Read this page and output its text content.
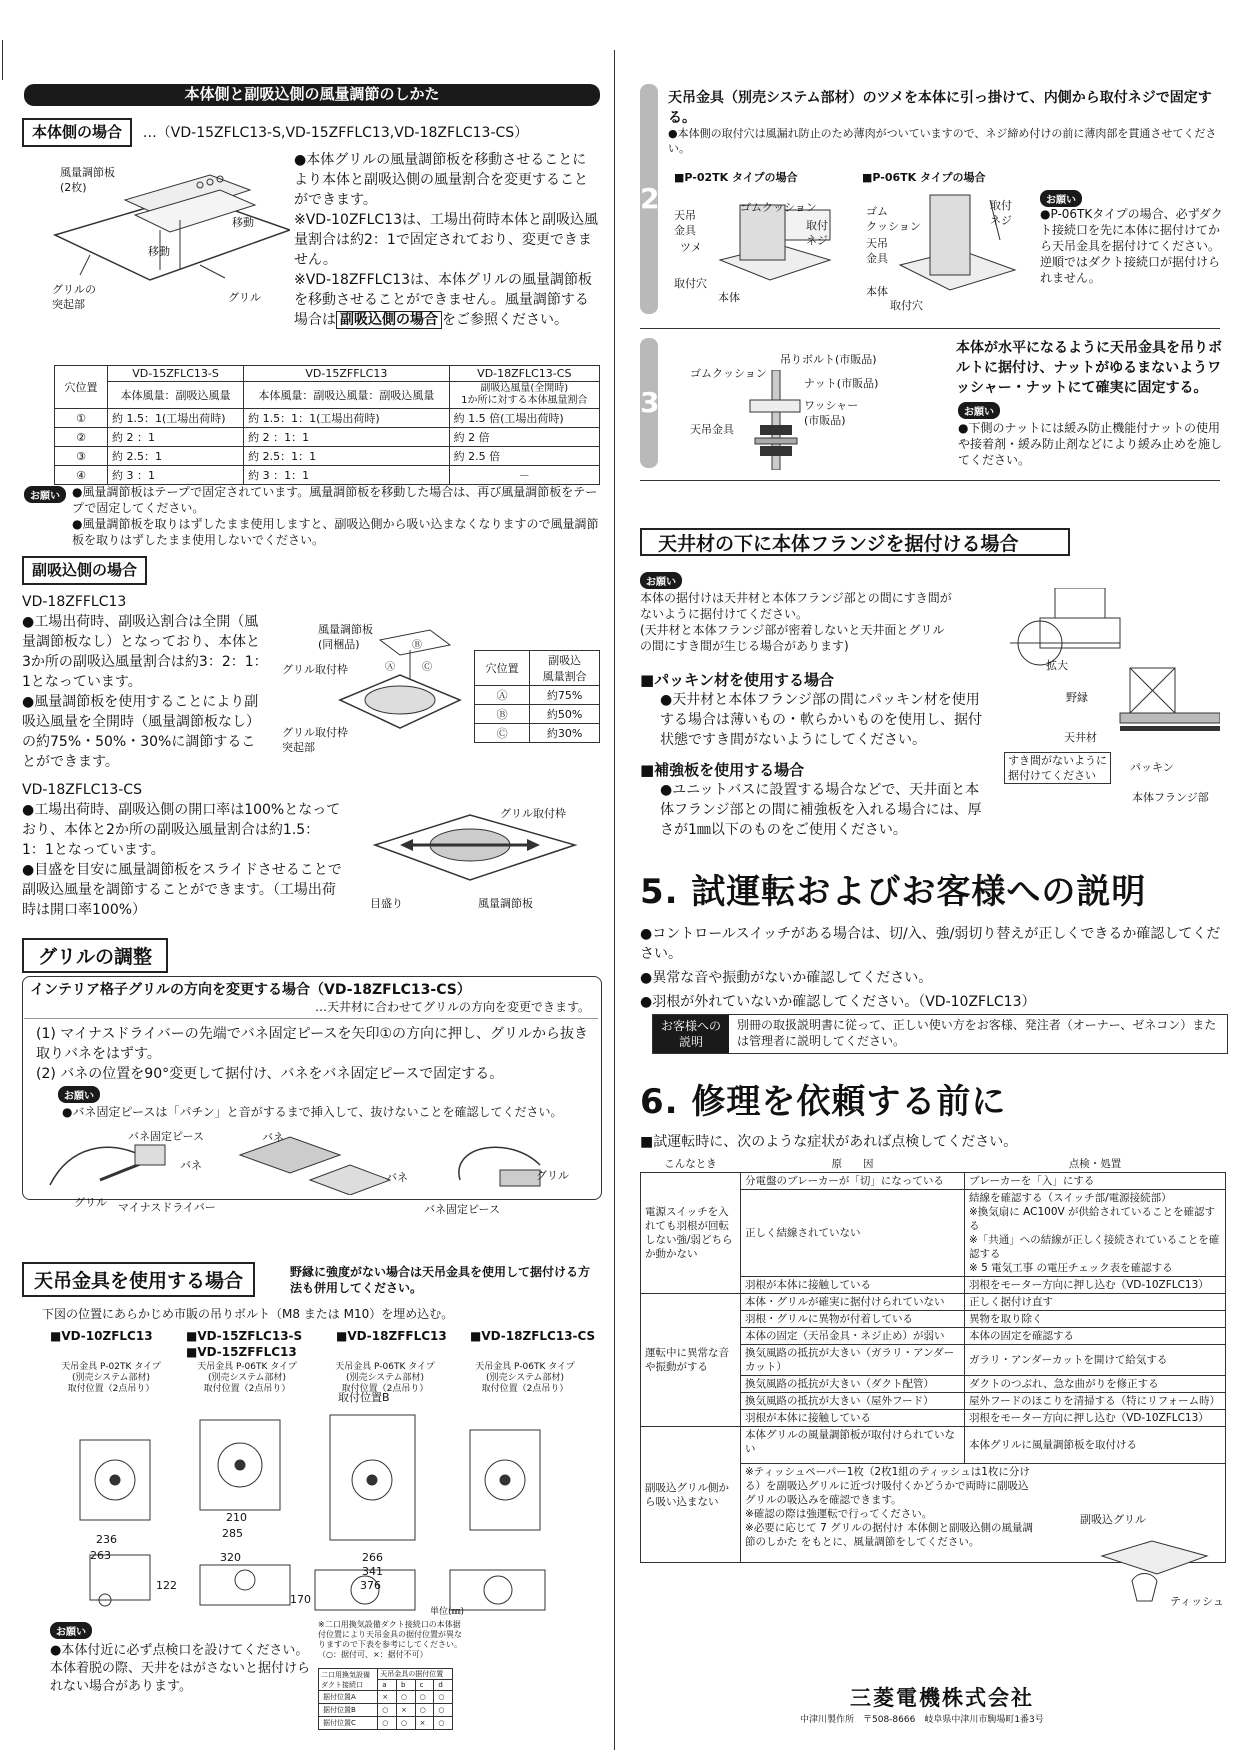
本体側と副吸込側の風量調節のしかた
本体側の場合 …（VD-15ZFLC13-S,VD-15ZFFLC13,VD-18ZFLC13-CS）
風量調節板
(2枚)
グリルの
突起部
グリル
移動
移動
●本体グリルの風量調節板を移動させることにより本体と副吸込側の風量割合を変更することができます。
※VD-10ZFLC13は、工場出荷時本体と副吸込風量割合は約2：1で固定されており、変更できません。
※VD-18ZFFLC13は、本体グリルの風量調節板を移動させることができません。風量調節する場合は 副吸込側の場合 をご参照ください。
穴位置	VD-15ZFLC13-S	VD-15ZFFLC13	VD-18ZFLC13-CS
	本体風量：副吸込風量	本体風量：副吸込風量：副吸込風量	副吸込風量(全開時)
1か所に対する本体風量割合
①	約 1.5：1(工場出荷時)	約 1.5：1：1(工場出荷時)	約 1.5 倍(工場出荷時)
②	約 2 ：1	約 2 ：1：1	約 2 倍
③	約 2.5：1	約 2.5：1：1	約 2.5 倍
④	約 3 ：1	約 3 ：1：1	－
お願い	●風量調節板はテープで固定されています。風量調節板を移動した場合は、再び風量調節板をテープで固定してください。
●風量調節板を取りはずしたまま使用しますと、副吸込側から吸い込まなくなりますので風量調節板を取りはずしたまま使用しないでください。
副吸込側の場合
VD-18ZFFLC13
●工場出荷時、副吸込割合は全開（風量調節板なし）となっており、本体と3か所の副吸込風量割合は約3：2：1：1となっています。
●風量調節板を使用することにより副吸込風量を全開時（風量調節板なし）の約75%・50%・30%に調節することができます。
Ⓑ
Ⓐ	Ⓒ
風量調節板
(同梱品)
グリル取付枠
グリル取付枠
突起部
穴位置	副吸込
風量割合
Ⓐ	約75%
Ⓑ	約50%
Ⓒ	約30%
VD-18ZFLC13-CS
●工場出荷時、副吸込側の開口率は100%となっており、本体と2か所の副吸込風量割合は約1.5：1：1となっています。
●目盛を目安に風量調節板をスライドさせることで副吸込風量を調節することができます。（工場出荷時は開口率100%）
グリル取付枠
目盛り	風量調節板
グリルの調整
インテリア格子グリルの方向を変更する場合（VD-18ZFLC13-CS）
…天井材に合わせてグリルの方向を変更できます。
(1) マイナスドライバーの先端でバネ固定ピースを矢印①の方向に押し、グリルから抜き取りバネをはずす。
(2) バネの位置を90°変更して据付け、バネをバネ固定ピースで固定する。
お願い
●バネ固定ピースは「パチン」と音がするまで挿入して、抜けないことを確認してください。
バネ固定ピース
バネ
グリル マイナスドライバー
バネ
バネ	グリル
バネ固定ピース
天吊金具を使用する場合	野縁に強度がない場合は天吊金具を使用して据付ける方法も併用してください。
下図の位置にあらかじめ市販の吊りボルト（M8 または M10）を埋め込む。
■VD-10ZFLC13	■VD-15ZFLC13-S
■VD-15ZFFLC13
■VD-18ZFFLC13 ■VD-18ZFLC13-CS
天吊金具 P-02TK タイプ
(別売システム部材)
取付位置（2点吊り）
天吊金具 P-06TK タイプ
(別売システム部材)
取付位置（2点吊り）
天吊金具 P-06TK タイプ
(別売システム部材)
取付位置（2点吊り）
天吊金具 P-06TK タイプ
(別売システム部材)
取付位置（2点吊り）
236
263
122
210
285
320
170
266
341
376
取付位置B
単位(㎜)
お願い
●本体付近に必ず点検口を設けてください。本体着脱の際、天井をはがさないと据付けられない場合があります。
※二口用換気設備ダクト接続口の本体据付位置により天吊金具の据付位置が異なりますので下表を参考にしてください。
（○：据付可、×：据付不可）
二口用換気設備
ダクト接続口	天吊金具の据付位置			
	a	b	c	d
据付位置A	×	○	○	○
据付位置B	○	×	○	○
据付位置C	○	○	×	○
2
天吊金具（別売システム部材）のツメを本体に引っ掛けて、内側から取付ネジで固定する。
●本体側の取付穴は風漏れ防止のため薄肉がついていますので、ネジ締め付けの前に薄肉部を貫通させてください。
■P-02TK タイプの場合	■P-06TK タイプの場合
天吊
金具
ゴムクッション
ツメ
取付
ネジ
取付穴
本体
ゴム
クッション
天吊
金具
取付
ネジ
本体
取付穴
お願い
●P-06TKタイプの場合、必ずダクト接続口を先に本体に据付けてから天吊金具を据付けてください。
逆順ではダクト接続口が据付けられません。
3
吊りボルト(市販品)
ゴムクッション
ナット(市販品)
ワッシャー
(市販品)
天吊金具
本体が水平になるように天吊金具を吊りボルトに据付け、ナットがゆるまないようワッシャー・ナットにて確実に固定する。
お願い
●下側のナットには緩み防止機能付ナットの使用や接着剤・緩み防止剤などにより緩み止めを施してください。
天井材の下に本体フランジを据付ける場合
お願い
本体の据付けは天井材と本体フランジ部との間にすき間がないように据付けてください。
(天井材と本体フランジ部が密着しないと天井面とグリルの間にすき間が生じる場合があります)
■パッキン材を使用する場合
●天井材と本体フランジ部の間にパッキン材を使用する場合は薄いもの・軟らかいものを使用し、据付状態ですき間がないようにしてください。
■補強板を使用する場合
●ユニットバスに設置する場合などで、天井面と本体フランジ部との間に補強板を入れる場合には、厚さが1㎜以下のものをご使用ください。
拡大
野縁
天井材
すき間がないように
据付けてください
パッキン
本体フランジ部
5. 試運転およびお客様への説明
●コントロールスイッチがある場合は、切/入、強/弱切り替えが正しくできるか確認してください。
●異常な音や振動がないか確認してください。
●羽根が外れていないか確認してください。（VD-10ZFLC13）
お客様への
説明
別冊の取扱説明書に従って、正しい使い方をお客様、発注者（オーナー、ゼネコン）または管理者に説明してください。
6. 修理を依頼する前に
■試運転時に、次のような症状があれば点検してください。
こんなとき	原　　因	点検・処置
電源スイッチを入れても羽根が回転しない強/弱どちらか動かない	分電盤のブレーカーが「切」になっている	ブレーカーを「入」にする
	正しく結線されていない	結線を確認する（スイッチ部/電源接続部）
※換気扇に AC100V が供給されていることを確認する
※「共通」への結線が正しく接続されていることを確認する
※ 5 電気工事 の電圧チェック表を確認する
	羽根が本体に接触している	羽根をモーター方向に押し込む（VD-10ZFLC13）
運転中に異常な音や振動がする	本体・グリルが確実に据付けられていない	正しく据付け直す
	羽根・グリルに異物が付着している	異物を取り除く
	本体の固定（天吊金具・ネジ止め）が弱い	本体の固定を確認する
	換気風路の抵抗が大きい（ガラリ・アンダーカット）	ガラリ・アンダーカットを開けて給気する
	換気風路の抵抗が大きい（ダクト配管）	ダクトのつぶれ、急な曲がりを修正する
	換気風路の抵抗が大きい（屋外フード）	屋外フードのほこりを清掃する（特にリフォーム時）
	羽根が本体に接触している	羽根をモーター方向に押し込む（VD-10ZFLC13）
副吸込グリル側から吸い込まない	本体グリルの風量調節板が取付けられていない	本体グリルに風量調節板を取付ける

	※ティッシュペーパー1枚（2枚1組のティッシュは1枚に分ける）を副吸込グリルに近づけ吸付くかどうかで両時に副吸込グリルの吸込みを確認できます。
※確認の際は強運転で行ってください。
※必要に応じて 7 グリルの据付け 本体側と副吸込側の風量調節のしかた をもとに、風量調節をしてください。	
副吸込グリル
ティッシュ
三菱電機株式会社
中津川製作所　〒508-8666　岐阜県中津川市駒場町1番3号
